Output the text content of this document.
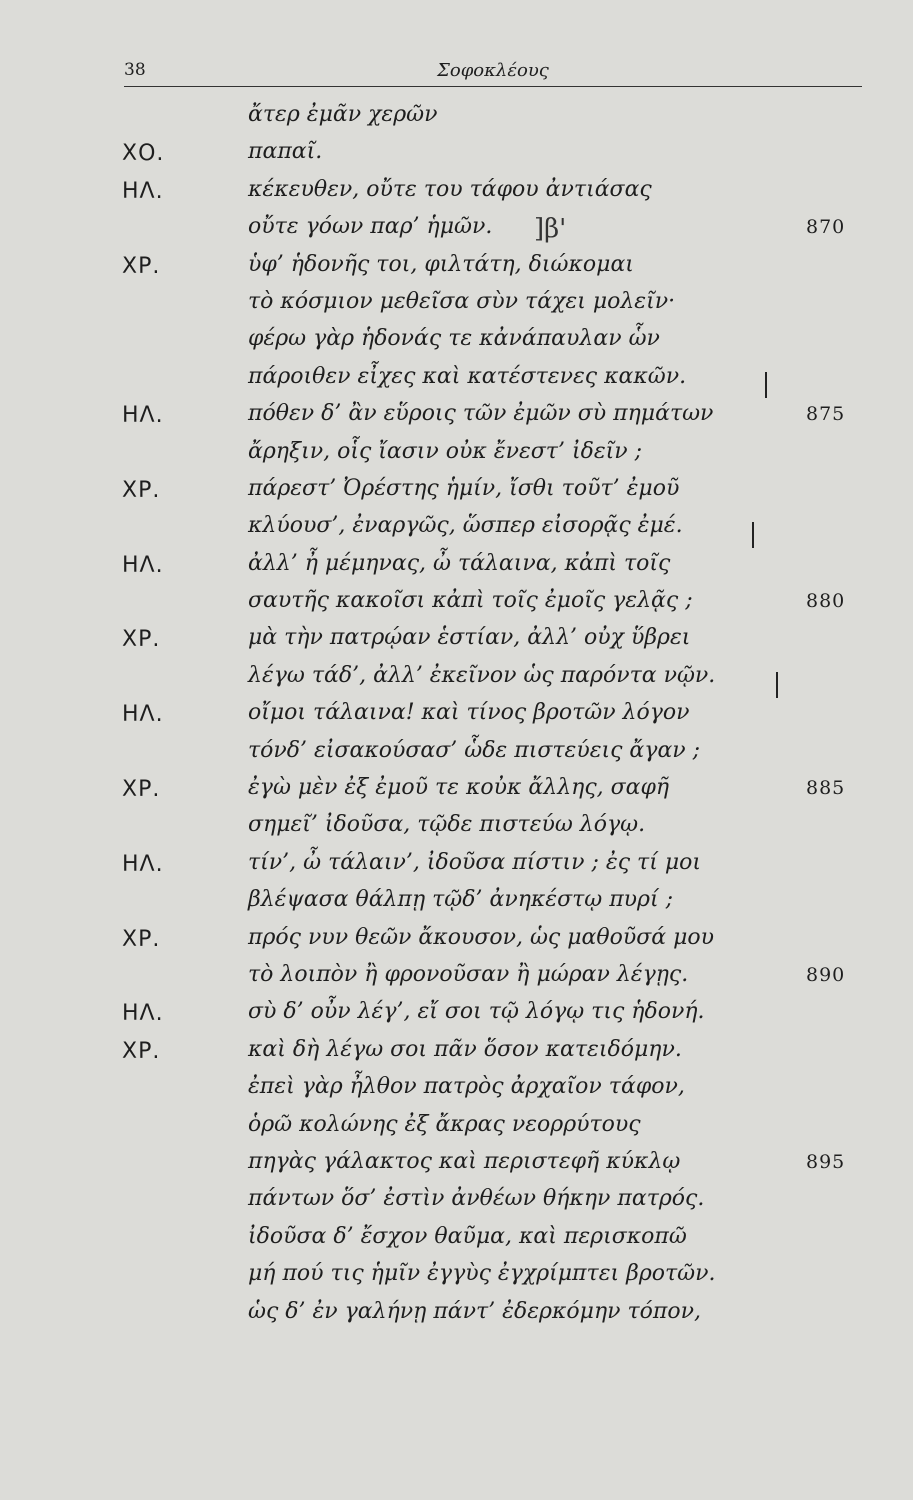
38	Σοφοκλέους
ἄτερ ἐμᾶν χερῶν
ΧΟ.	παπαῖ.
ΗΛ.	κέκευθεν, οὔτε του τάφου ἀντιάσας
οὔτε γόων παρ’ ἡμῶν.	870
ΧΡ.	ὑφ’ ἡδονῆς τοι, φιλτάτη, διώκομαι
τὸ κόσμιον μεθεῖσα σὺν τάχει μολεῖν·
φέρω γὰρ ἡδονάς τε κἀνάπαυλαν ὧν
πάροιθεν εἶχες καὶ κατέστενες κακῶν.
ΗΛ.	πόθεν δ’ ἂν εὕροις τῶν ἐμῶν σὺ πημάτων	875
ἄρηξιν, οἷς ἴασιν οὐκ ἔνεστ’ ἰδεῖν ;
ΧΡ.	πάρεστ’ Ὀρέστης ἡμίν, ἴσθι τοῦτ’ ἐμοῦ
κλύουσ’, ἐναργῶς, ὥσπερ εἰσορᾷς ἐμέ.
ΗΛ.	ἀλλ’ ἦ μέμηνας, ὦ τάλαινα, κἀπὶ τοῖς
σαυτῆς κακοῖσι κἀπὶ τοῖς ἐμοῖς γελᾷς ;	880
ΧΡ.	μὰ τὴν πατρῴαν ἑστίαν, ἀλλ’ οὐχ ὕβρει
λέγω τάδ’, ἀλλ’ ἐκεῖνον ὡς παρόντα νῷν.
ΗΛ.	οἴμοι τάλαινα! καὶ τίνος βροτῶν λόγον
τόνδ’ εἰσακούσασ’ ὧδε πιστεύεις ἄγαν ;
ΧΡ.	ἐγὼ μὲν ἐξ ἐμοῦ τε κοὐκ ἄλλης, σαφῆ	885
σημεῖ’ ἰδοῦσα, τῷδε πιστεύω λόγῳ.
ΗΛ.	τίν’, ὦ τάλαιν’, ἰδοῦσα πίστιν ; ἐς τί μοι
βλέψασα θάλπῃ τῷδ’ ἀνηκέστῳ πυρί ;
ΧΡ.	πρός νυν θεῶν ἄκουσον, ὡς μαθοῦσά μου
τὸ λοιπὸν ἢ φρονοῦσαν ἢ μώραν λέγῃς.	890
ΗΛ.	σὺ δ’ οὖν λέγ’, εἴ σοι τῷ λόγῳ τις ἡδονή.
ΧΡ.	καὶ δὴ λέγω σοι πᾶν ὅσον κατειδόμην.
ἐπεὶ γὰρ ἦλθον πατρὸς ἀρχαῖον τάφον,
ὁρῶ κολώνης ἐξ ἄκρας νεορρύτους
πηγὰς γάλακτος καὶ περιστεφῆ κύκλῳ	895
πάντων ὅσ’ ἐστὶν ἀνθέων θήκην πατρός.
ἰδοῦσα δ’ ἔσχον θαῦμα, καὶ περισκοπῶ
μή πού τις ἡμῖν ἐγγὺς ἐγχρίμπτει βροτῶν.
ὡς δ’ ἐν γαλήνῃ πάντ’ ἐδερκόμην τόπον,
]β'
